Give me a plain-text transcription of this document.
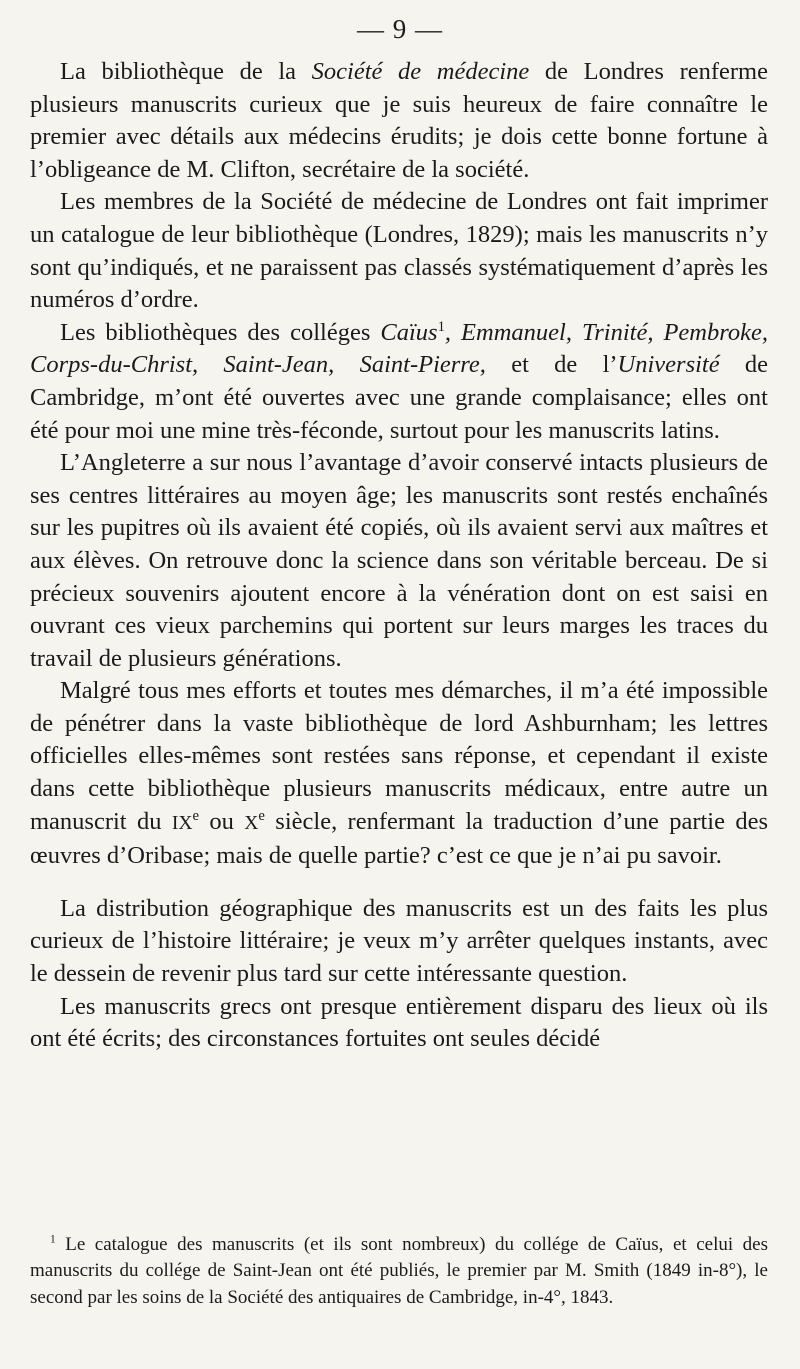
— 9 —

La bibliothèque de la Société de médecine de Londres renferme plusieurs manuscrits curieux que je suis heureux de faire connaître le premier avec détails aux médecins érudits; je dois cette bonne fortune à l’obligeance de M. Clifton, secrétaire de la société.

Les membres de la Société de médecine de Londres ont fait imprimer un catalogue de leur bibliothèque (Londres, 1829); mais les manuscrits n’y sont qu’indiqués, et ne paraissent pas classés systématiquement d’après les numéros d’ordre.

Les bibliothèques des colléges Caïus$^1$, Emmanuel, Trinité, Pembroke, Corps-du-Christ, Saint-Jean, Saint-Pierre, et de l’Université de Cambridge, m’ont été ouvertes avec une grande complaisance; elles ont été pour moi une mine très-féconde, surtout pour les manuscrits latins.

L’Angleterre a sur nous l’avantage d’avoir conservé intacts plusieurs de ses centres littéraires au moyen âge; les manuscrits sont restés enchaînés sur les pupitres où ils avaient été copiés, où ils avaient servi aux maîtres et aux élèves. On retrouve donc la science dans son véritable berceau. De si précieux souvenirs ajoutent encore à la vénération dont on est saisi en ouvrant ces vieux parchemins qui portent sur leurs marges les traces du travail de plusieurs générations.

Malgré tous mes efforts et toutes mes démarches, il m’a été impossible de pénétrer dans la vaste bibliothèque de lord Ashburnham; les lettres officielles elles-mêmes sont restées sans réponse, et cependant il existe dans cette bibliothèque plusieurs manuscrits médicaux, entre autre un manuscrit du IXe ou Xe siècle, renfermant la traduction d’une partie des œuvres d’Oribase; mais de quelle partie? c’est ce que je n’ai pu savoir.

La distribution géographique des manuscrits est un des faits les plus curieux de l’histoire littéraire; je veux m’y arrêter quelques instants, avec le dessein de revenir plus tard sur cette intéressante question.

Les manuscrits grecs ont presque entièrement disparu des lieux où ils ont été écrits; des circonstances fortuites ont seules décidé

$^1$ Le catalogue des manuscrits (et ils sont nombreux) du collége de Caïus, et celui des manuscrits du collége de Saint-Jean ont été publiés, le premier par M. Smith (1849 in-8°), le second par les soins de la Société des antiquaires de Cambridge, in-4°, 1843.
